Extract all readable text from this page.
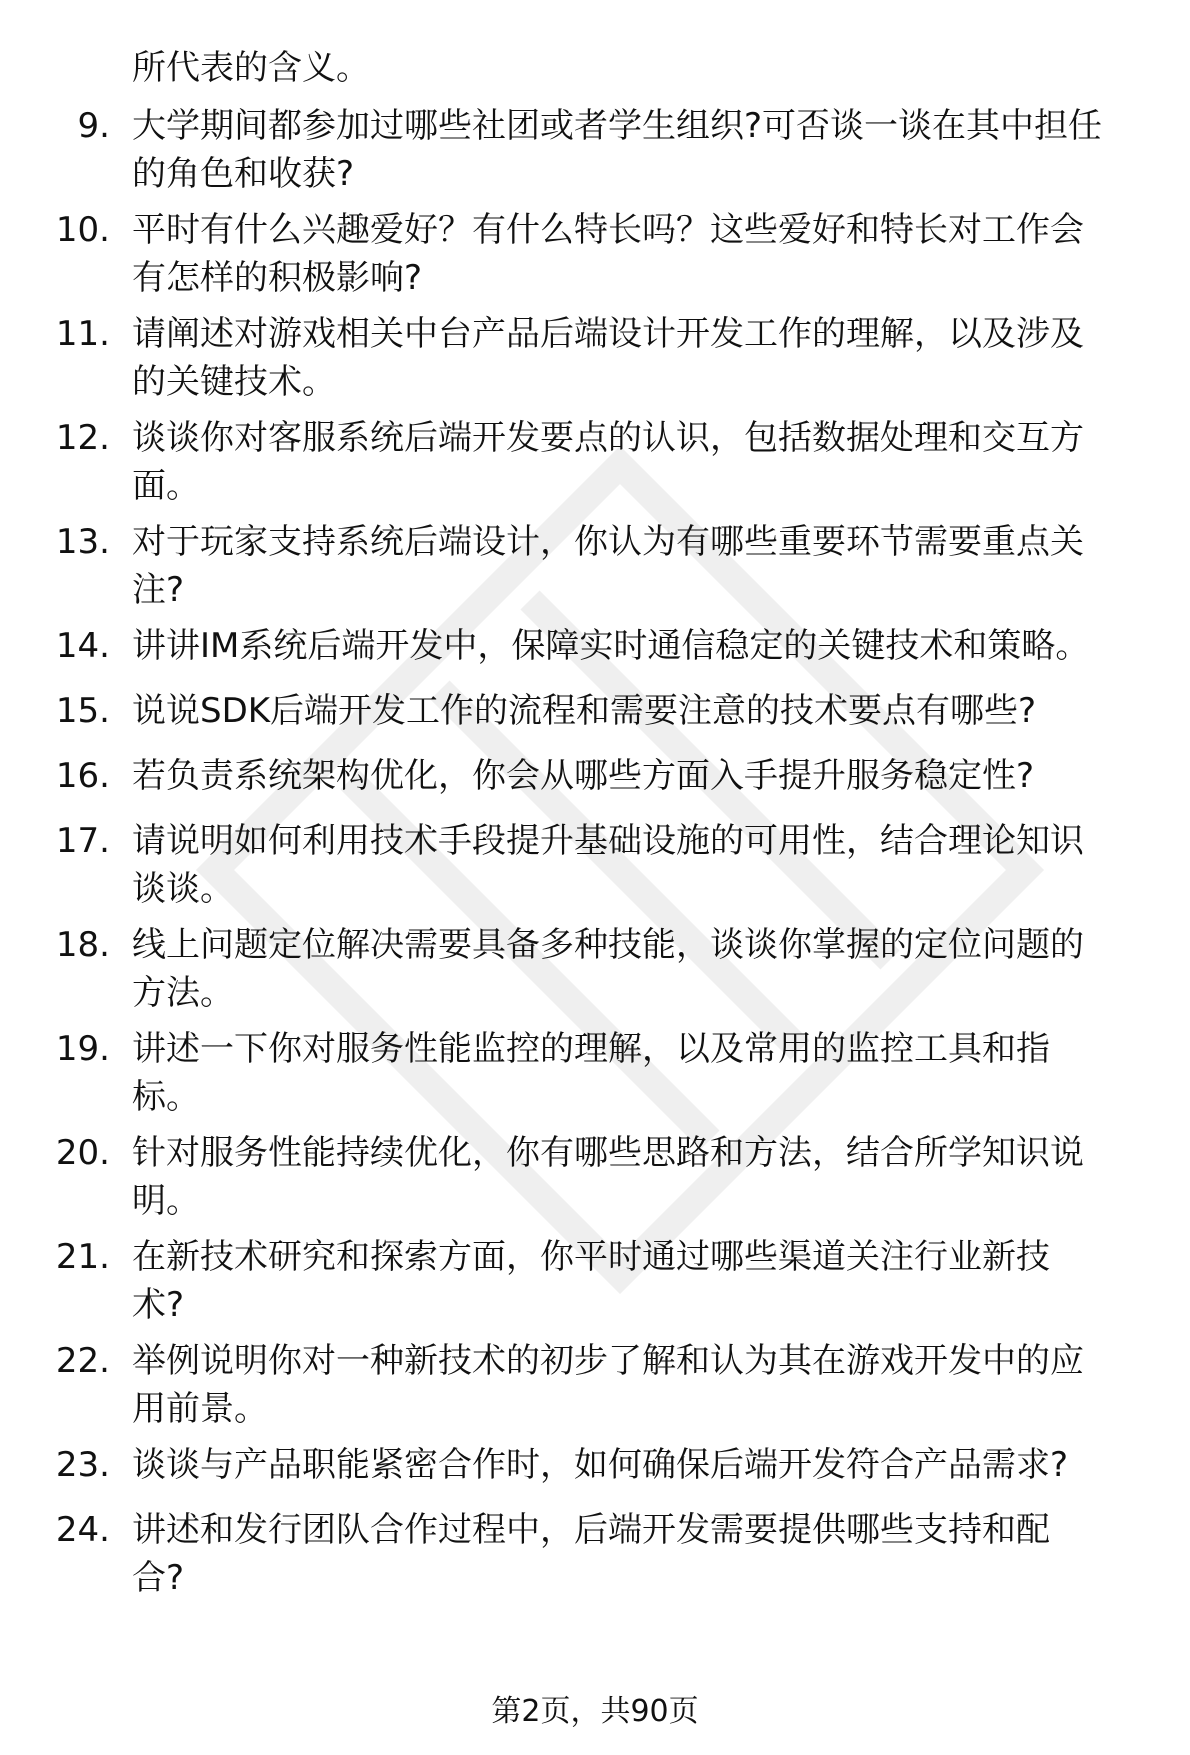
所代表的含义。
9. 大学期间都参加过哪些社团或者学生组织?可否谈一谈在其中担任
的角色和收获?
10. 平时有什么兴趣爱好？有什么特长吗？这些爱好和特长对工作会
有怎样的积极影响?
11. 请阐述对游戏相关中台产品后端设计开发工作的理解，以及涉及
的关键技术。
12. 谈谈你对客服系统后端开发要点的认识，包括数据处理和交互方
面。
13. 对于玩家支持系统后端设计，你认为有哪些重要环节需要重点关
注?
14. 讲讲IM系统后端开发中，保障实时通信稳定的关键技术和策略。
15. 说说SDK后端开发工作的流程和需要注意的技术要点有哪些?
16. 若负责系统架构优化，你会从哪些方面入手提升服务稳定性?
17. 请说明如何利用技术手段提升基础设施的可用性，结合理论知识
谈谈。
18. 线上问题定位解决需要具备多种技能，谈谈你掌握的定位问题的
方法。
19. 讲述一下你对服务性能监控的理解，以及常用的监控工具和指
标。
20. 针对服务性能持续优化，你有哪些思路和方法，结合所学知识说
明。
21. 在新技术研究和探索方面，你平时通过哪些渠道关注行业新技
术?
22. 举例说明你对一种新技术的初步了解和认为其在游戏开发中的应
用前景。
23. 谈谈与产品职能紧密合作时，如何确保后端开发符合产品需求?
24. 讲述和发行团队合作过程中，后端开发需要提供哪些支持和配
合?
第2页，共90页
